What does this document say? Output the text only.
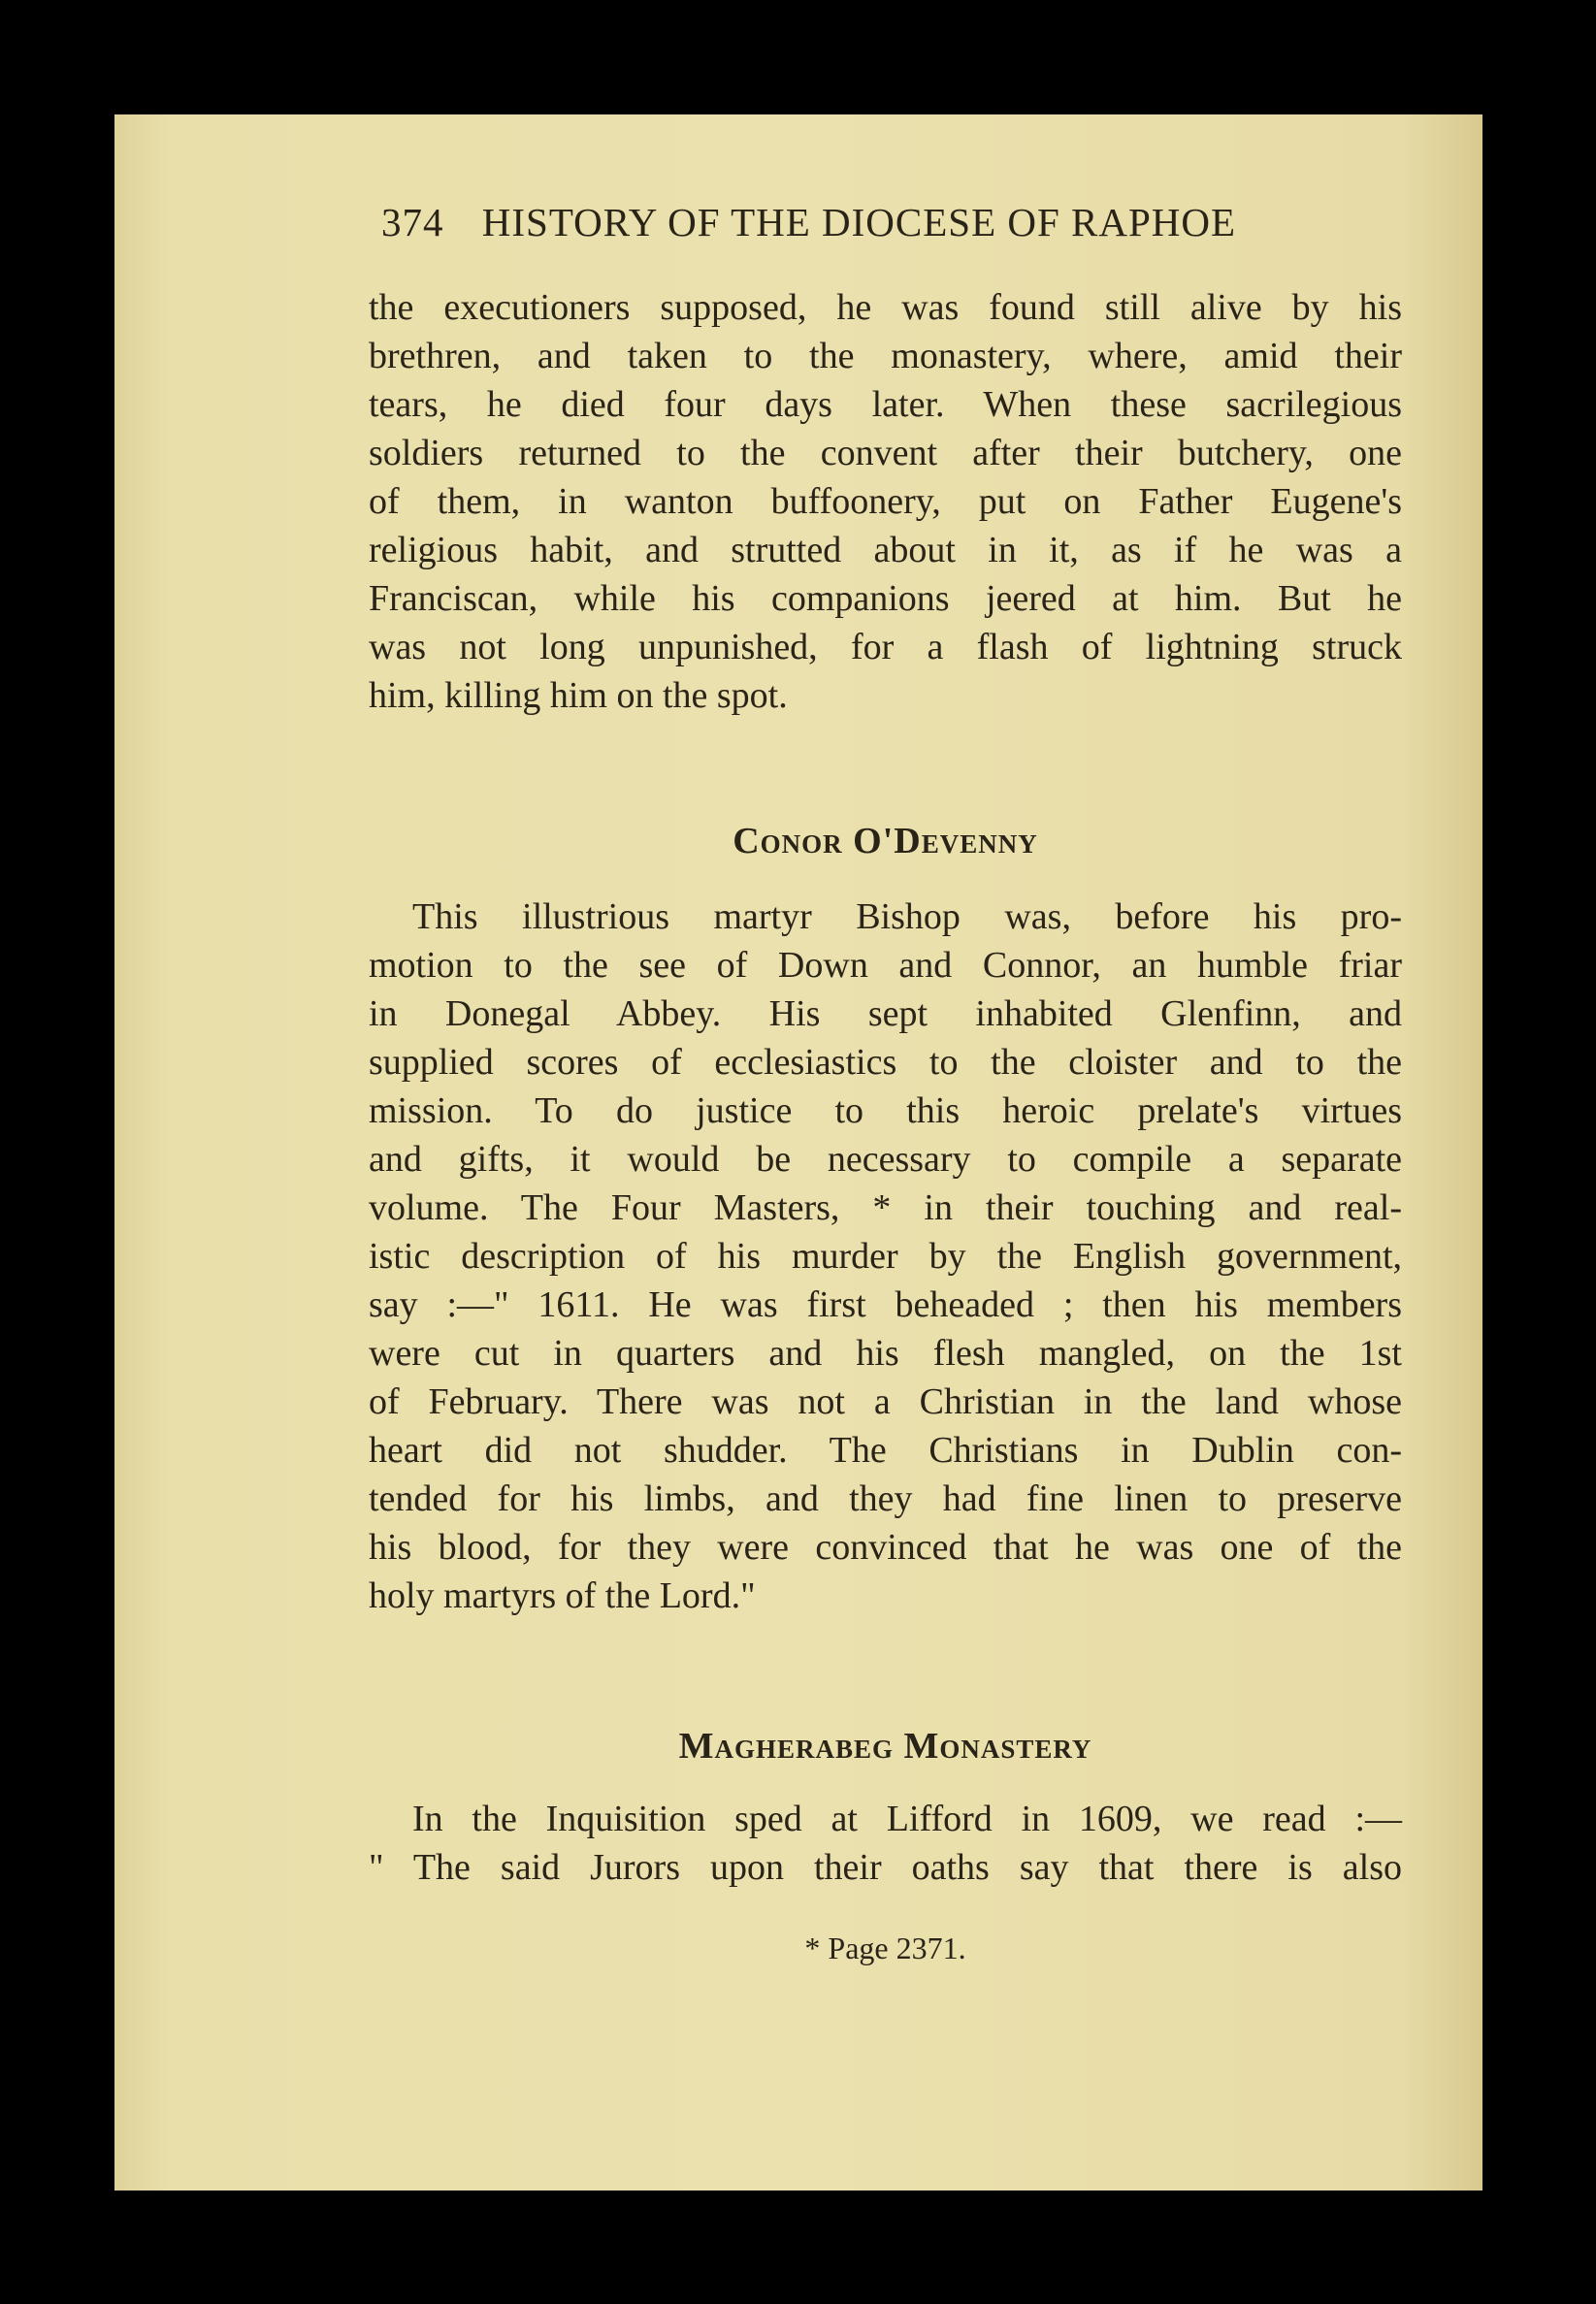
374 HISTORY OF THE DIOCESE OF RAPHOE

the executioners supposed, he was found still alive by his
brethren, and taken to the monastery, where, amid their
tears, he died four days later. When these sacrilegious
soldiers returned to the convent after their butchery, one
of them, in wanton buffoonery, put on Father Eugene's
religious habit, and strutted about in it, as if he was a
Franciscan, while his companions jeered at him. But he
was not long unpunished, for a flash of lightning struck
him, killing him on the spot.

Conor O'Devenny

This illustrious martyr Bishop was, before his pro-
motion to the see of Down and Connor, an humble friar
in Donegal Abbey. His sept inhabited Glenfinn, and
supplied scores of ecclesiastics to the cloister and to the
mission. To do justice to this heroic prelate's virtues
and gifts, it would be necessary to compile a separate
volume. The Four Masters, * in their touching and real-
istic description of his murder by the English government,
say :—" 1611. He was first beheaded ; then his members
were cut in quarters and his flesh mangled, on the 1st
of February. There was not a Christian in the land whose
heart did not shudder. The Christians in Dublin con-
tended for his limbs, and they had fine linen to preserve
his blood, for they were convinced that he was one of the
holy martyrs of the Lord."

Magherabeg Monastery

In the Inquisition sped at Lifford in 1609, we read :—
" The said Jurors upon their oaths say that there is also

* Page 2371.
